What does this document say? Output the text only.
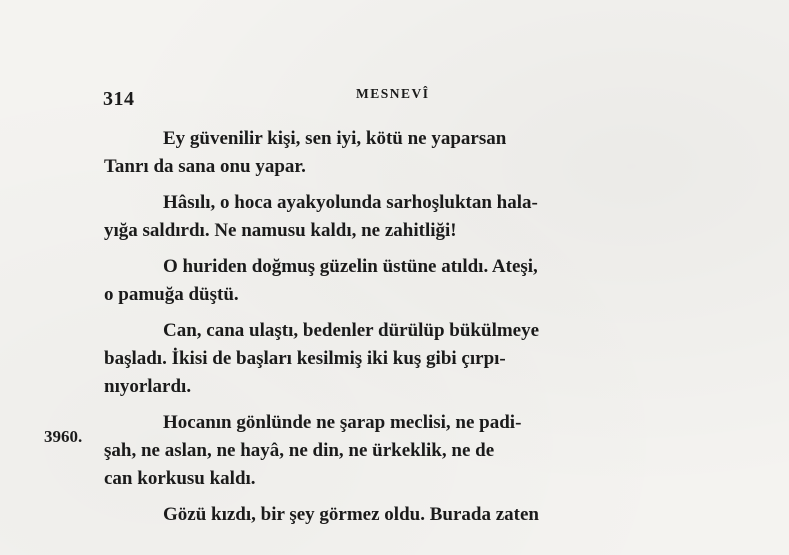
314	MESNEVÎ
3960.

Ey güvenilir kişi, sen iyi, kötü ne yaparsan
Tanrı da sana onu yapar.

Hâsılı, o hoca ayakyolunda sarhoşluktan hala-
yığa saldırdı. Ne namusu kaldı, ne zahitliği!

O huriden doğmuş güzelin üstüne atıldı. Ateşi,
o pamuğa düştü.

Can, cana ulaştı, bedenler dürülüp bükülmeye
başladı. İkisi de başları kesilmiş iki kuş gibi çırpı-
nıyorlardı.

Hocanın gönlünde ne şarap meclisi, ne padi-
şah, ne aslan, ne hayâ, ne din, ne ürkeklik, ne de
can korkusu kaldı.

Gözü kızdı, bir şey görmez oldu. Burada zaten
